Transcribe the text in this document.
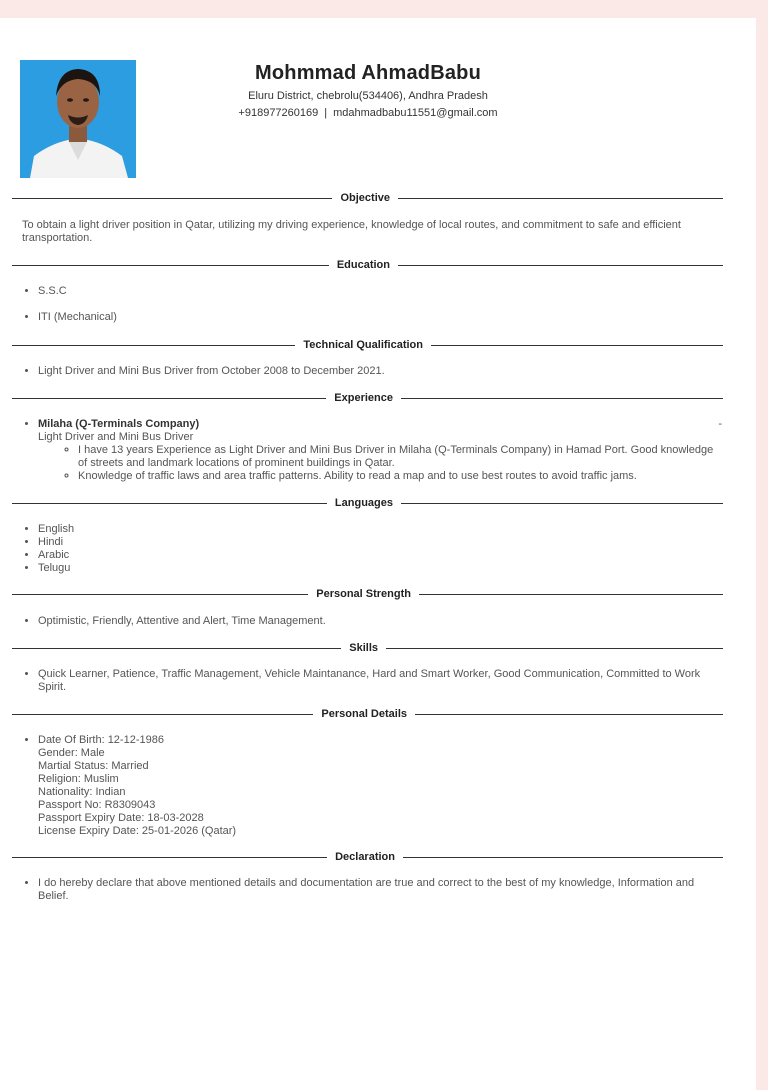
Mohmmad AhmadBabu
Eluru District, chebrolu(534406), Andhra Pradesh
+918977260169 | mdahmadbabu11551@gmail.com
Objective
To obtain a light driver position in Qatar, utilizing my driving experience, knowledge of local routes, and commitment to safe and efficient transportation.
Education
• S.S.C
• ITI (Mechanical)
Technical Qualification
• Light Driver and Mini Bus Driver from October 2008 to December 2021.
Experience
-
• Milaha (Q-Terminals Company)
Light Driver and Mini Bus Driver
◦ I have 13 years Experience as Light Driver and Mini Bus Driver in Milaha (Q-Terminals Company) in Hamad Port. Good knowledge of streets and landmark locations of prominent buildings in Qatar.
◦ Knowledge of traffic laws and area traffic patterns. Ability to read a map and to use best routes to avoid traffic jams.
Languages
• English
• Hindi
• Arabic
• Telugu
Personal Strength
• Optimistic, Friendly, Attentive and Alert, Time Management.
Skills
• Quick Learner, Patience, Traffic Management, Vehicle Maintanance, Hard and Smart Worker, Good Communication, Committed to Work Spirit.
Personal Details
• Date Of Birth: 12-12-1986
Gender: Male
Martial Status: Married
Religion: Muslim
Nationality: Indian
Passport No: R8309043
Passport Expiry Date: 18-03-2028
License Expiry Date: 25-01-2026 (Qatar)
Declaration
• I do hereby declare that above mentioned details and documentation are true and correct to the best of my knowledge, Information and Belief.
